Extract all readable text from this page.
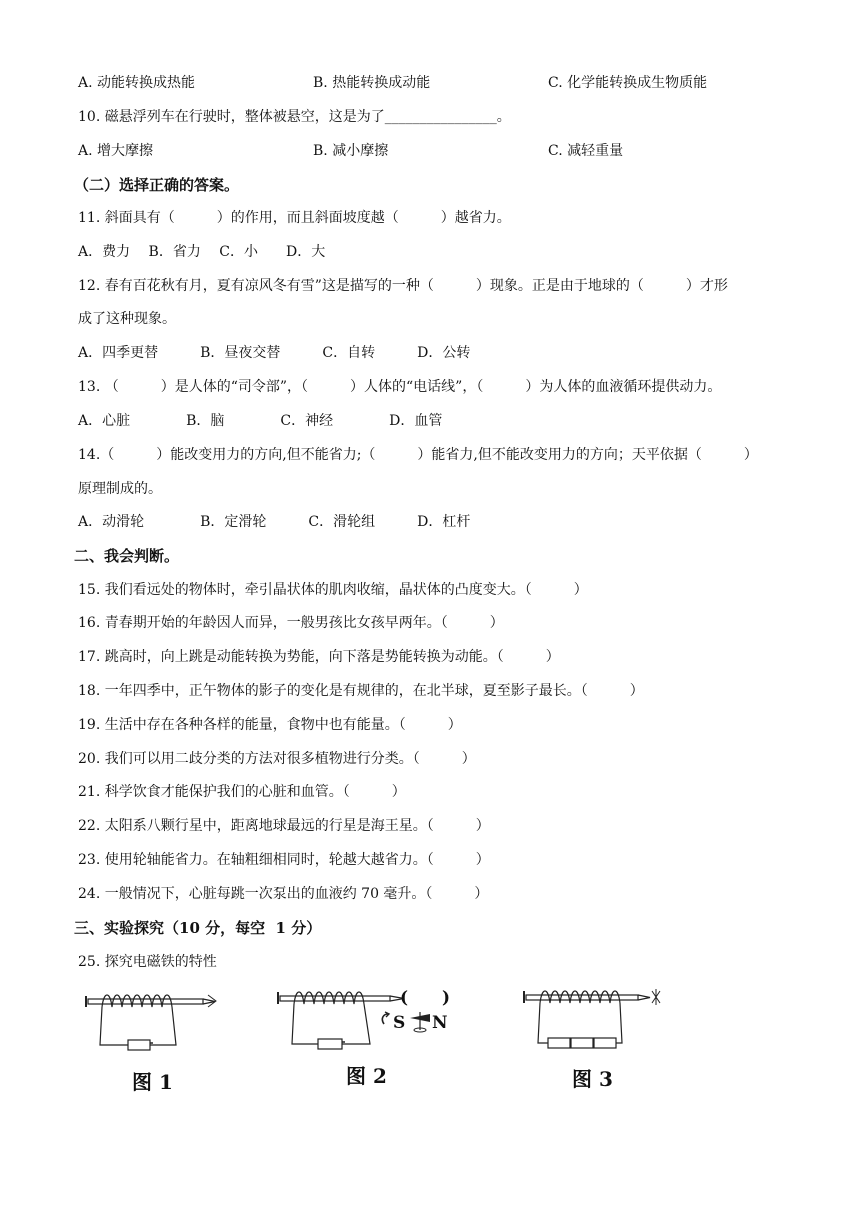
A. 动能转换成热能	B. 热能转换成动能	C. 化学能转换成生物质能
10. 磁悬浮列车在行驶时，整体被悬空，这是为了________________。
A. 增大摩擦	B. 减小摩擦	C. 减轻重量
（二）选择正确的答案。
11. 斜面具有（　　　）的作用，而且斜面坡度越（　　　）越省力。
A．费力　 B．省力　 C．小　　D．大
12. 春有百花秋有月，夏有凉风冬有雪”这是描写的一种（　　　）现象。正是由于地球的（　　　）才形
成了这种现象。
A．四季更替　　　B．昼夜交替　　　C．自转　　　D．公转
13. （　　　）是人体的“司令部”，（　　　）人体的“电话线”，（　　　）为人体的血液循环提供动力。
A．心脏　　　　B．脑　　　　C．神经　　　　D．血管
14.（　　　）能改变用力的方向,但不能省力;（　　　）能省力,但不能改变用力的方向；天平依据（　　　）
原理制成的。
A．动滑轮　　　　B．定滑轮　　　C．滑轮组　　　D．杠杆
二、我会判断。
15. 我们看远处的物体时，牵引晶状体的肌肉收缩，晶状体的凸度变大。（　　　）
16. 青春期开始的年龄因人而异，一般男孩比女孩早两年。（　　　）
17. 跳高时，向上跳是动能转换为势能，向下落是势能转换为动能。（　　　）
18. 一年四季中，正午物体的影子的变化是有规律的，在北半球，夏至影子最长。（　　　）
19. 生活中存在各种各样的能量，食物中也有能量。（　　　）
20. 我们可以用二歧分类的方法对很多植物进行分类。（　　　）
21. 科学饮食才能保护我们的心脏和血管。（　　　）
22. 太阳系八颗行星中，距离地球最远的行星是海王星。（　　　）
23. 使用轮轴能省力。在轴粗细相同时，轮越大越省力。（　　　）
24. 一般情况下，心脏每跳一次泵出的血液约 70 毫升。（　　　）
三、实验探究（10 分，每空  1 分）
25. 探究电磁铁的特性
图 1
(　　)
S N
图 2	图 3
